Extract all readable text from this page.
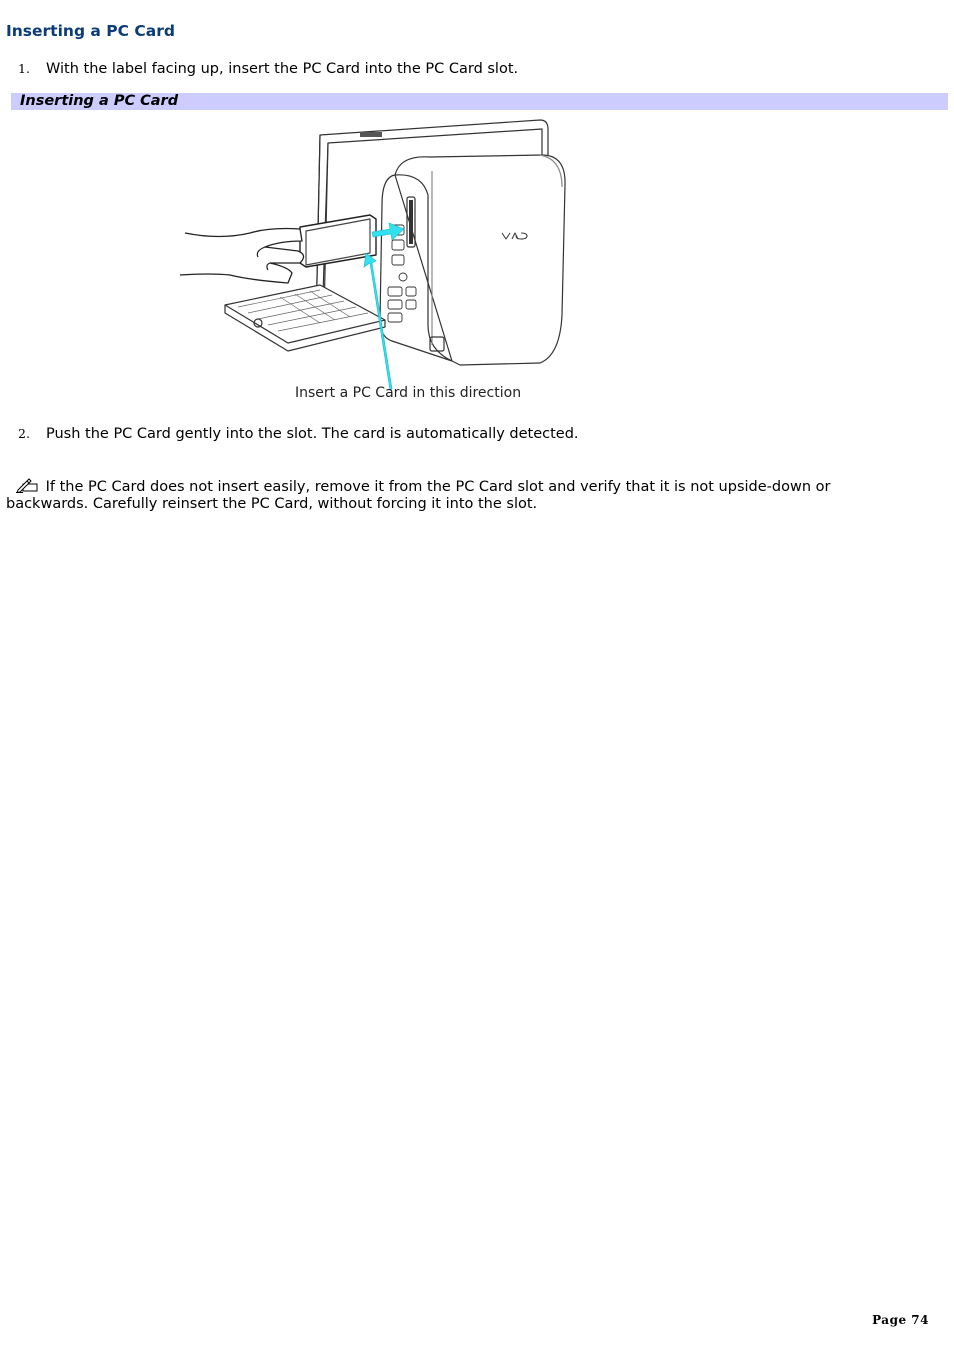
Inserting a PC Card
1. With the label facing up, insert the PC Card into the PC Card slot.
Inserting a PC Card
Insert a PC Card in this direction
2. Push the PC Card gently into the slot. The card is automatically detected.
If the PC Card does not insert easily, remove it from the PC Card slot and verify that it is not upside-down or backwards. Carefully reinsert the PC Card, without forcing it into the slot.
Page 74
